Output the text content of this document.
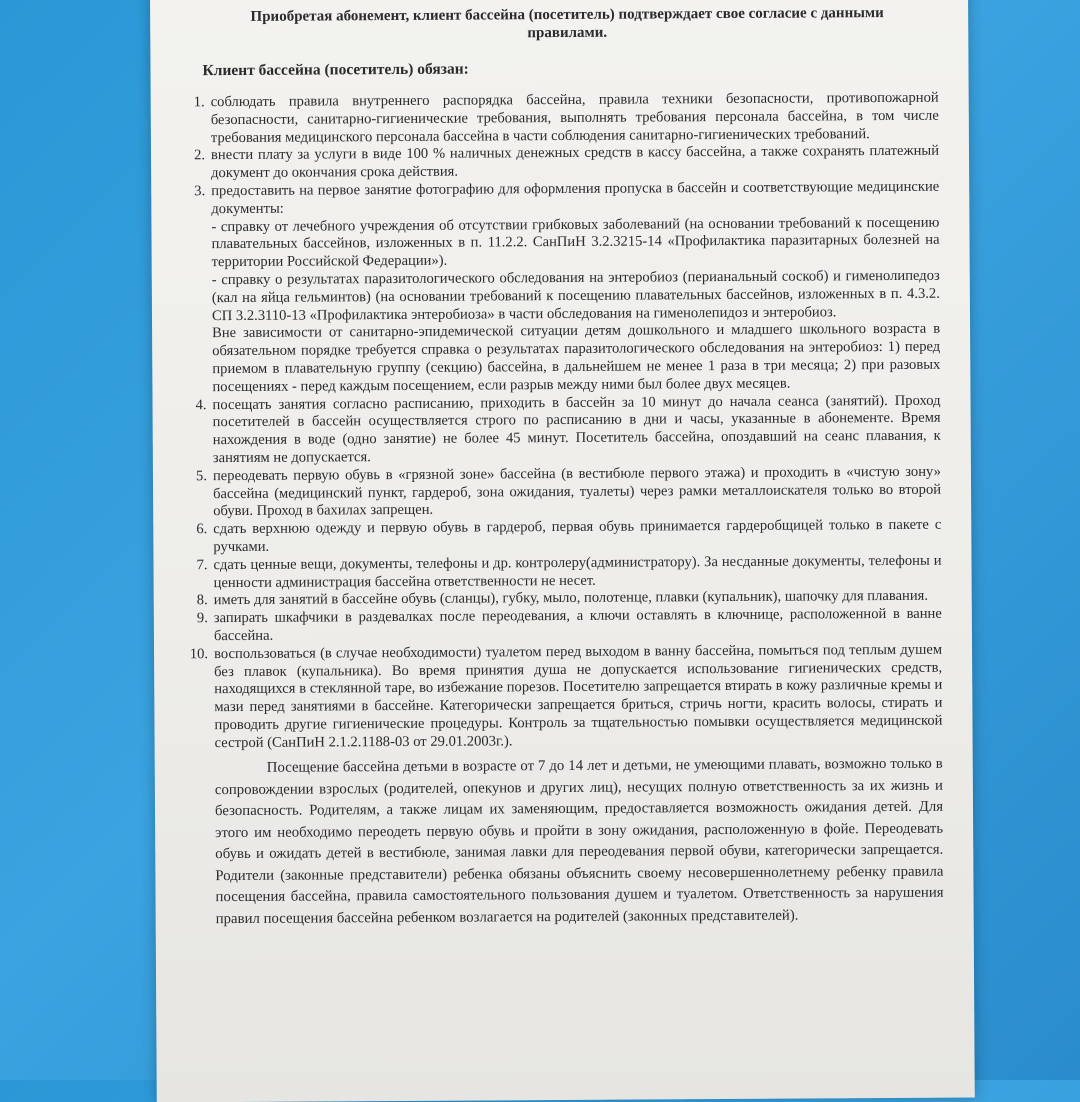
Приобретая абонемент, клиент бассейна (посетитель) подтверждает свое согласие с данными правилами.
Клиент бассейна (посетитель) обязан:
1. соблюдать правила внутреннего распорядка бассейна, правила техники безопасности, противопожарной безопасности, санитарно-гигиенические требования, выполнять требования персонала бассейна, в том числе требования медицинского персонала бассейна в части соблюдения санитарно-гигиенических требований.
2. внести плату за услуги в виде 100 % наличных денежных средств в кассу бассейна, а также сохранять платежный документ до окончания срока действия.
3. предоставить на первое занятие фотографию для оформления пропуска в бассейн и соответствующие медицинские документы:
- справку от лечебного учреждения об отсутствии грибковых заболеваний (на основании требований к посещению плавательных бассейнов, изложенных в п. 11.2.2. СанПиН 3.2.3215-14 «Профилактика паразитарных болезней на территории Российской Федерации»).
- справку о результатах паразитологического обследования на энтеробиоз (перианальный соскоб) и гименолипедоз (кал на яйца гельминтов) (на основании требований к посещению плавательных бассейнов, изложенных в п. 4.3.2. СП 3.2.3110-13 «Профилактика энтеробиоза» в части обследования на гименолепидоз и энтеробиоз.
Вне зависимости от санитарно-эпидемической ситуации детям дошкольного и младшего школьного возраста в обязательном порядке требуется справка о результатах паразитологического обследования на энтеробиоз: 1) перед приемом в плавательную группу (секцию) бассейна, в дальнейшем не менее 1 раза в три месяца; 2) при разовых посещениях - перед каждым посещением, если разрыв между ними был более двух месяцев.
4. посещать занятия согласно расписанию, приходить в бассейн за 10 минут до начала сеанса (занятий). Проход посетителей в бассейн осуществляется строго по расписанию в дни и часы, указанные в абонементе. Время нахождения в воде (одно занятие) не более 45 минут. Посетитель бассейна, опоздавший на сеанс плавания, к занятиям не допускается.
5. переодевать первую обувь в «грязной зоне» бассейна (в вестибюле первого этажа) и проходить в «чистую зону» бассейна (медицинский пункт, гардероб, зона ожидания, туалеты) через рамки металлоискателя только во второй обуви. Проход в бахилах запрещен.
6. сдать верхнюю одежду и первую обувь в гардероб, первая обувь принимается гардеробщицей только в пакете с ручками.
7. сдать ценные вещи, документы, телефоны и др. контролеру(администратору). За несданные документы, телефоны и ценности администрация бассейна ответственности не несет.
8. иметь для занятий в бассейне обувь (сланцы), губку, мыло, полотенце, плавки (купальник), шапочку для плавания.
9. запирать шкафчики в раздевалках после переодевания, а ключи оставлять в ключнице, расположенной в ванне бассейна.
10. воспользоваться (в случае необходимости) туалетом перед выходом в ванну бассейна, помыться под теплым душем без плавок (купальника). Во время принятия душа не допускается использование гигиенических средств, находящихся в стеклянной таре, во избежание порезов. Посетителю запрещается втирать в кожу различные кремы и мази перед занятиями в бассейне. Категорически запрещается бриться, стричь ногти, красить волосы, стирать и проводить другие гигиенические процедуры. Контроль за тщательностью помывки осуществляется медицинской сестрой (СанПиН 2.1.2.1188-03 от 29.01.2003г.).
Посещение бассейна детьми в возрасте от 7 до 14 лет и детьми, не умеющими плавать, возможно только в сопровождении взрослых (родителей, опекунов и других лиц), несущих полную ответственность за их жизнь и безопасность. Родителям, а также лицам их заменяющим, предоставляется возможность ожидания детей. Для этого им необходимо переодеть первую обувь и пройти в зону ожидания, расположенную в фойе. Переодевать обувь и ожидать детей в вестибюле, занимая лавки для переодевания первой обуви, категорически запрещается. Родители (законные представители) ребенка обязаны объяснить своему несовершеннолетнему ребенку правила посещения бассейна, правила самостоятельного пользования душем и туалетом. Ответственность за нарушения правил посещения бассейна ребенком возлагается на родителей (законных представителей).
